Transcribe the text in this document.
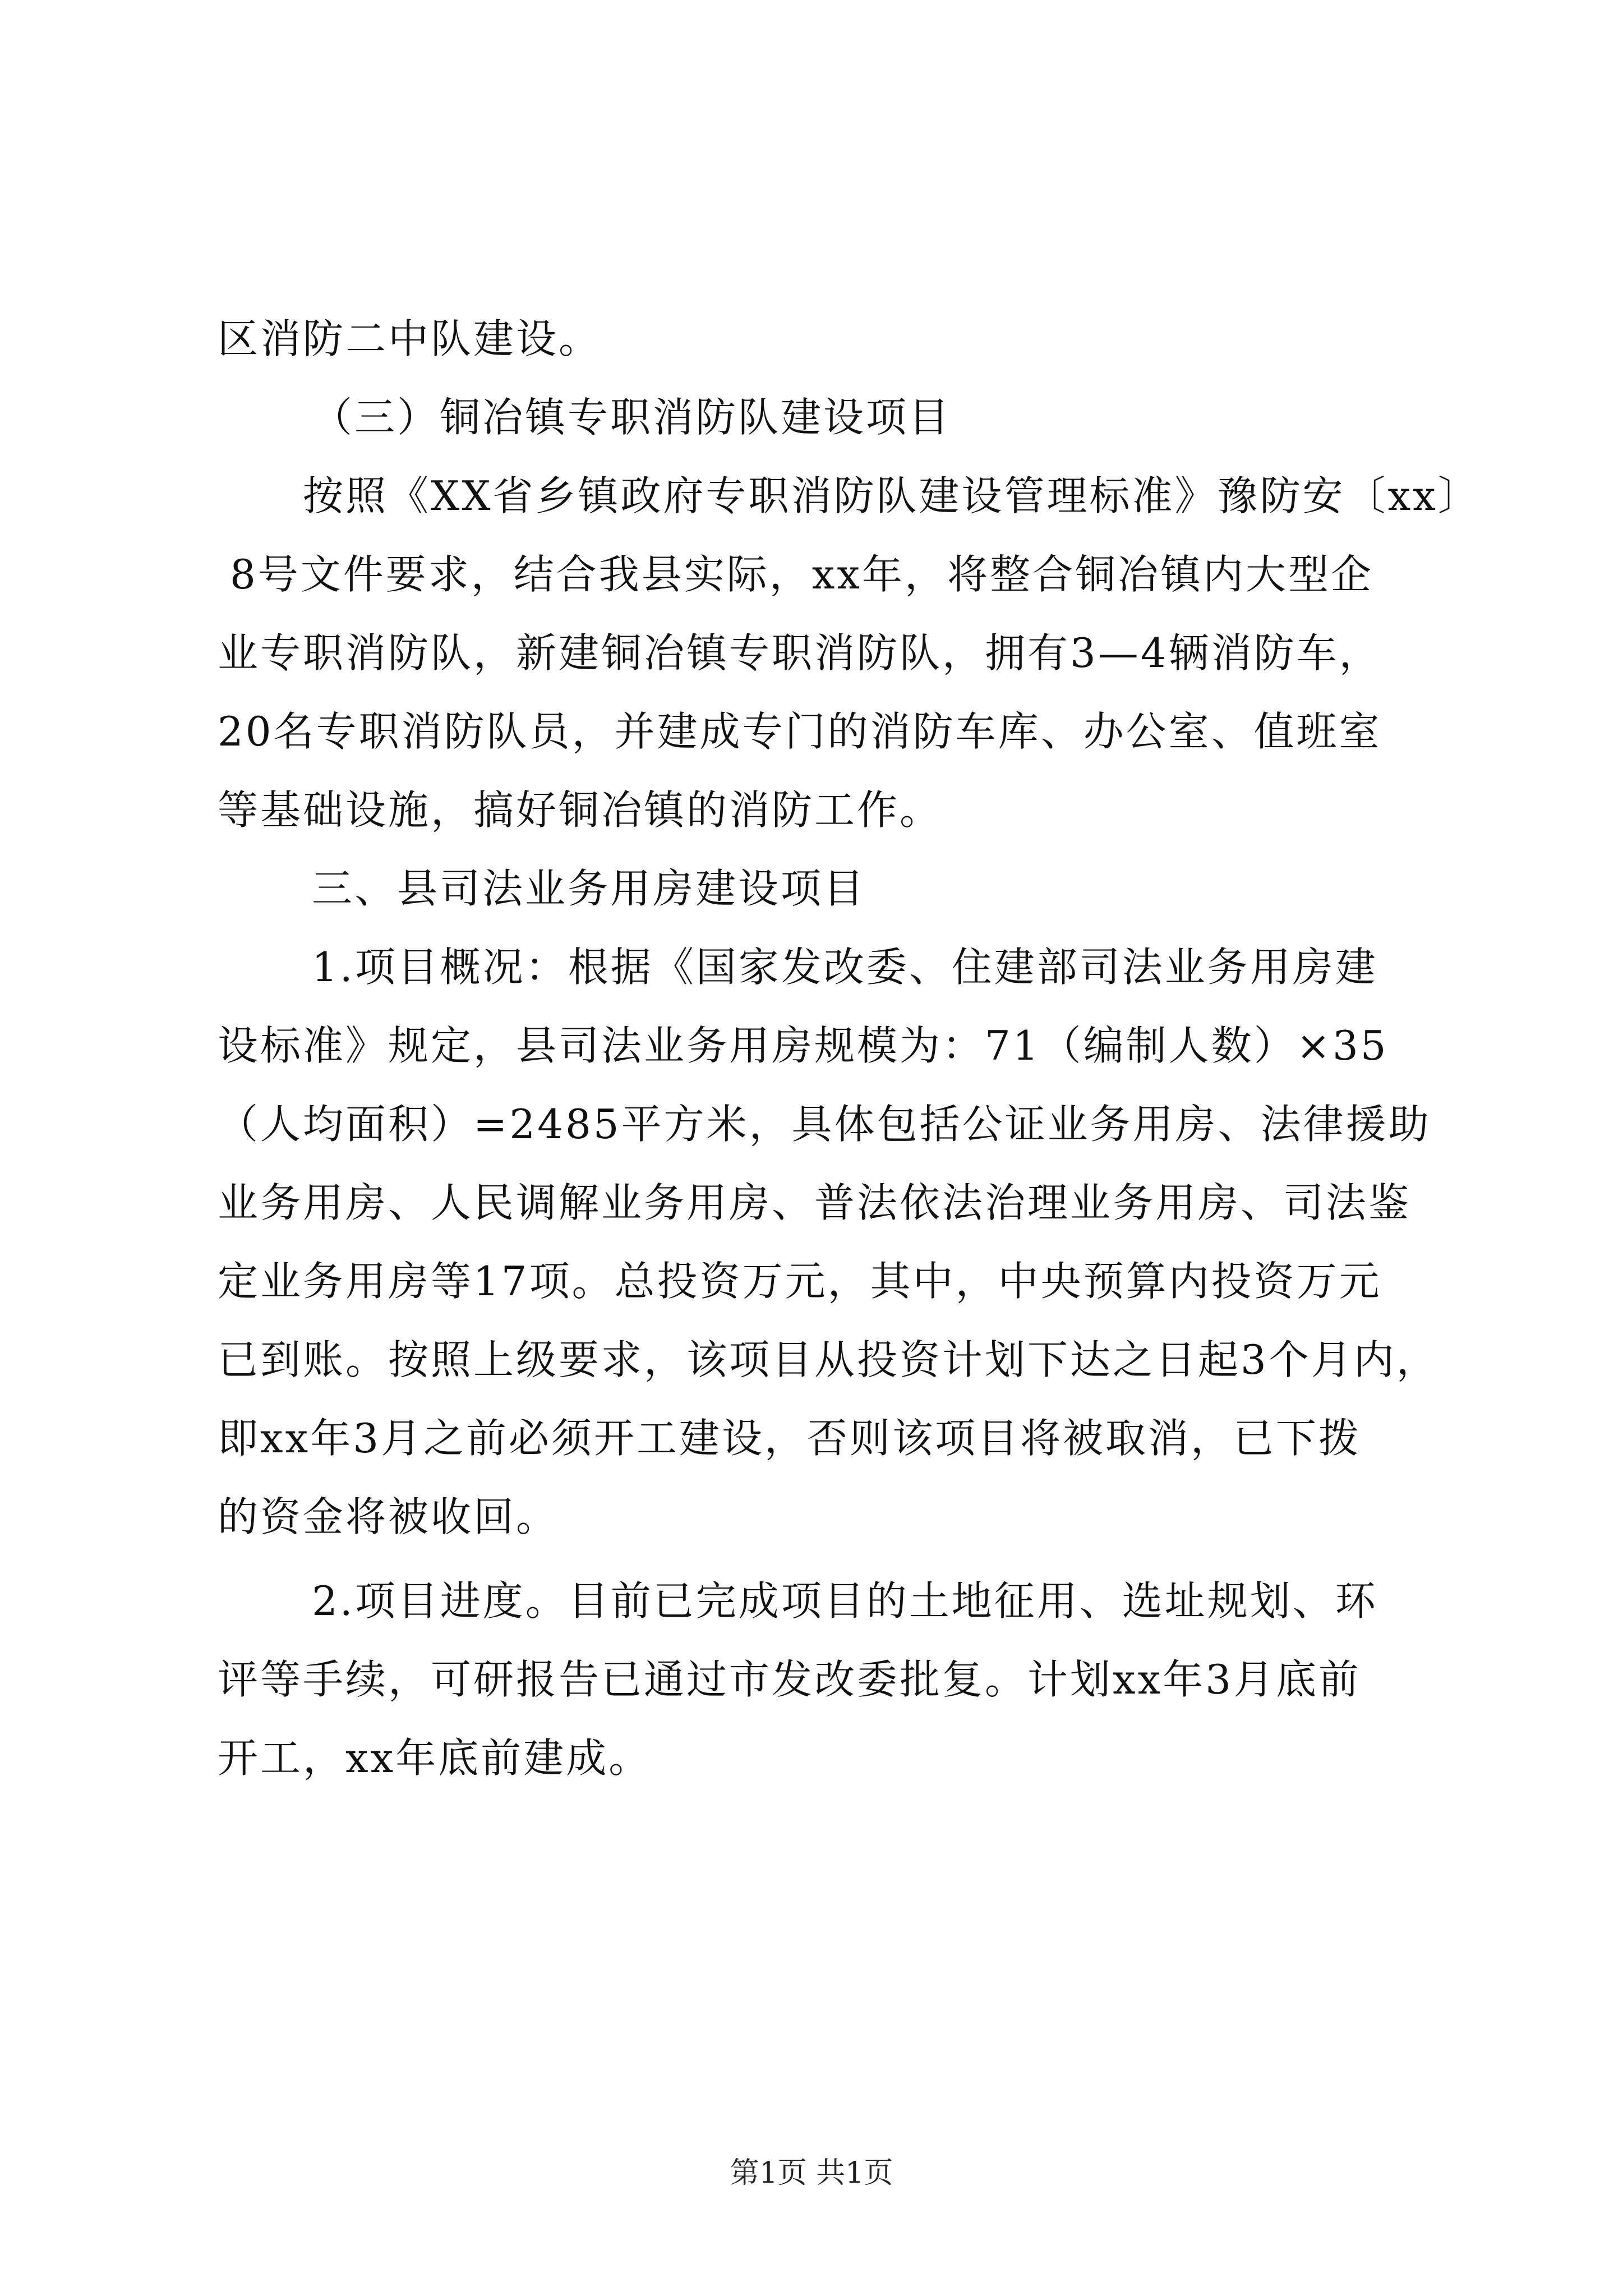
区消防二中队建设。
（三）铜冶镇专职消防队建设项目
按照《XX省乡镇政府专职消防队建设管理标准》豫防安〔xx〕
8号文件要求，结合我县实际，xx年，将整合铜冶镇内大型企
业专职消防队，新建铜冶镇专职消防队，拥有3—4辆消防车，
20名专职消防队员，并建成专门的消防车库、办公室、值班室
等基础设施，搞好铜冶镇的消防工作。
三、县司法业务用房建设项目
1.项目概况：根据《国家发改委、住建部司法业务用房建
设标准》规定，县司法业务用房规模为：71（编制人数）×35
（人均面积）=2485平方米，具体包括公证业务用房、法律援助
业务用房、人民调解业务用房、普法依法治理业务用房、司法鉴
定业务用房等17项。总投资万元，其中，中央预算内投资万元
已到账。按照上级要求，该项目从投资计划下达之日起3个月内，
即xx年3月之前必须开工建设，否则该项目将被取消，已下拨
的资金将被收回。
2.项目进度。目前已完成项目的土地征用、选址规划、环
评等手续，可研报告已通过市发改委批复。计划xx年3月底前
开工，xx年底前建成。
第1页 共1页
